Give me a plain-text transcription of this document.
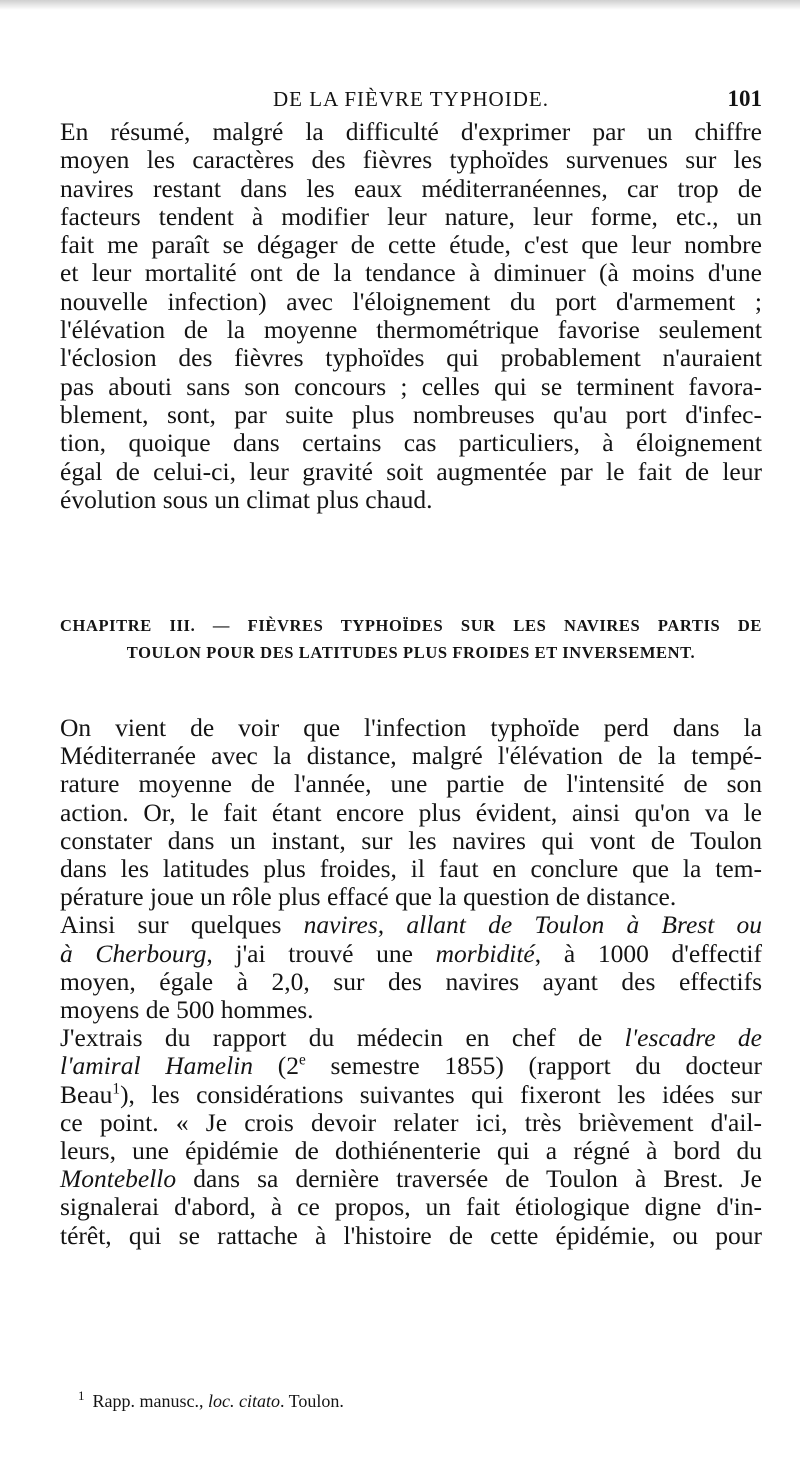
DE LA FIÈVRE TYPHOIDE.	101
En résumé, malgré la difficulté d'exprimer par un chiffre
moyen les caractères des fièvres typhoïdes survenues sur les
navires restant dans les eaux méditerranéennes, car trop de
facteurs tendent à modifier leur nature, leur forme, etc., un
fait me paraît se dégager de cette étude, c'est que leur nombre
et leur mortalité ont de la tendance à diminuer (à moins d'une
nouvelle infection) avec l'éloignement du port d'armement ;
l'élévation de la moyenne thermométrique favorise seulement
l'éclosion des fièvres typhoïdes qui probablement n'auraient
pas abouti sans son concours ; celles qui se terminent favora-
blement, sont, par suite plus nombreuses qu'au port d'infec-
tion, quoique dans certains cas particuliers, à éloignement
égal de celui-ci, leur gravité soit augmentée par le fait de leur
évolution sous un climat plus chaud.
CHAPITRE III. — FIÈVRES TYPHOÏDES SUR LES NAVIRES PARTIS DE
TOULON POUR DES LATITUDES PLUS FROIDES ET INVERSEMENT.
On vient de voir que l'infection typhoïde perd dans la
Méditerranée avec la distance, malgré l'élévation de la tempé-
rature moyenne de l'année, une partie de l'intensité de son
action. Or, le fait étant encore plus évident, ainsi qu'on va le
constater dans un instant, sur les navires qui vont de Toulon
dans les latitudes plus froides, il faut en conclure que la tem-
pérature joue un rôle plus effacé que la question de distance.
Ainsi sur quelques navires, allant de Toulon à Brest ou
à Cherbourg, j'ai trouvé une morbidité, à 1000 d'effectif
moyen, égale à 2,0, sur des navires ayant des effectifs
moyens de 500 hommes.
J'extrais du rapport du médecin en chef de l'escadre de
l'amiral Hamelin (2e semestre 1855) (rapport du docteur
Beau$^1$), les considérations suivantes qui fixeront les idées sur
ce point. « Je crois devoir relater ici, très brièvement d'ail-
leurs, une épidémie de dothiénenterie qui a régné à bord du
Montebello dans sa dernière traversée de Toulon à Brest. Je
signalerai d'abord, à ce propos, un fait étiologique digne d'in-
térêt, qui se rattache à l'histoire de cette épidémie, ou pour
$^1$ Rapp. manusc., loc. citato. Toulon.
